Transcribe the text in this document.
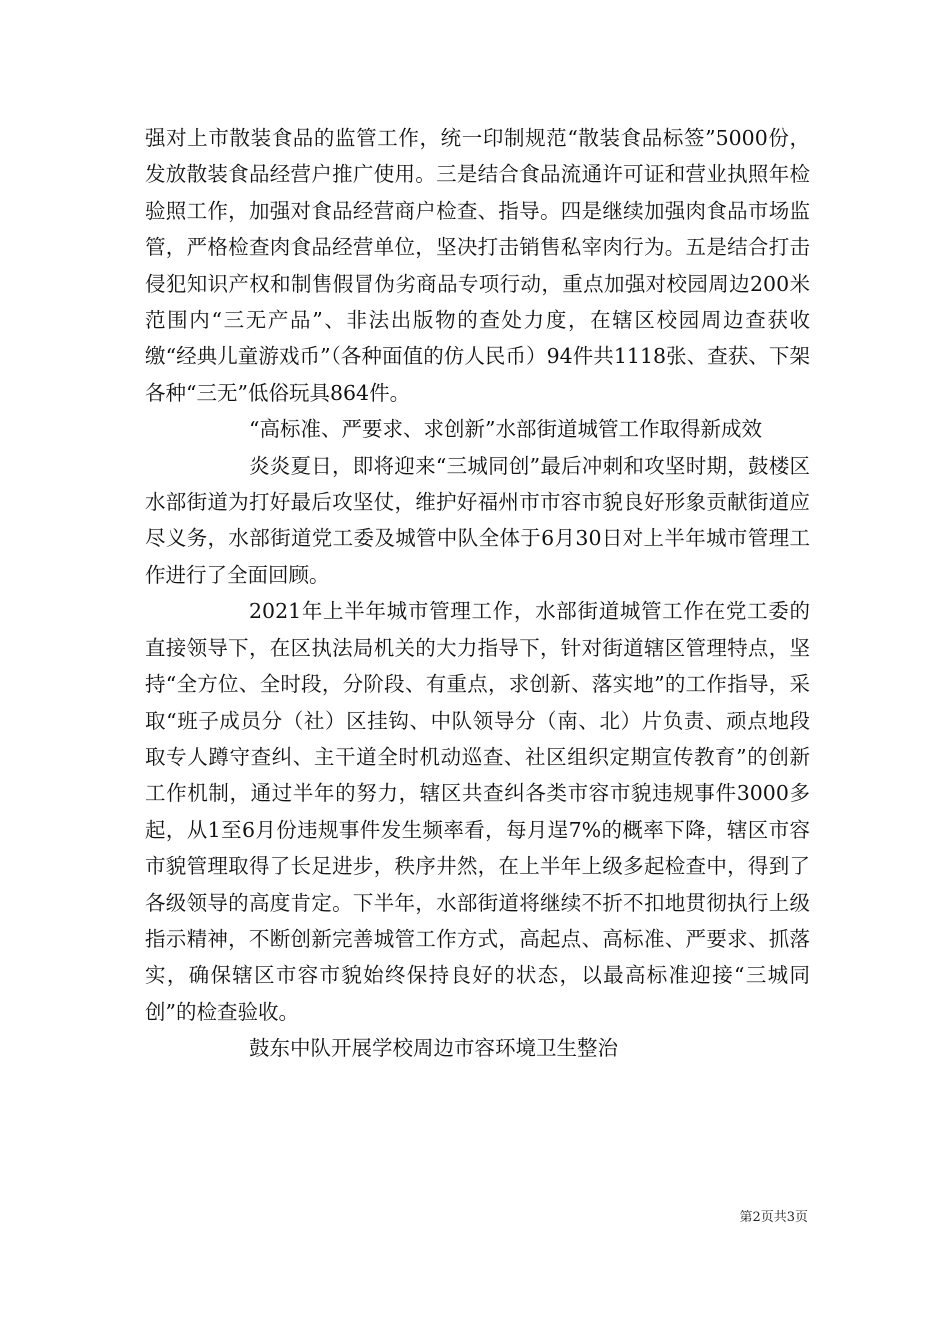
强对上市散装食品的监管工作，统一印制规范“散装食品标签”5000份，发放散装食品经营户推广使用。三是结合食品流通许可证和营业执照年检验照工作，加强对食品经营商户检查、指导。四是继续加强肉食品市场监管，严格检查肉食品经营单位，坚决打击销售私宰肉行为。五是结合打击侵犯知识产权和制售假冒伪劣商品专项行动，重点加强对校园周边200米范围内“三无产品”、非法出版物的查处力度，在辖区校园周边查获收缴“经典儿童游戏币”（各种面值的仿人民币）94件共1118张、查获、下架各种“三无”低俗玩具864件。

“高标准、严要求、求创新”水部街道城管工作取得新成效

炎炎夏日，即将迎来“三城同创”最后冲刺和攻坚时期，鼓楼区水部街道为打好最后攻坚仗，维护好福州市市容市貌良好形象贡献街道应尽义务，水部街道党工委及城管中队全体于6月30日对上半年城市管理工作进行了全面回顾。

2021年上半年城市管理工作，水部街道城管工作在党工委的直接领导下，在区执法局机关的大力指导下，针对街道辖区管理特点，坚持“全方位、全时段，分阶段、有重点，求创新、落实地”的工作指导，采取“班子成员分（社）区挂钩、中队领导分（南、北）片负责、顽点地段取专人蹲守查纠、主干道全时机动巡查、社区组织定期宣传教育”的创新工作机制，通过半年的努力，辖区共查纠各类市容市貌违规事件3000多起，从1至6月份违规事件发生频率看，每月逞7%的概率下降，辖区市容市貌管理取得了长足进步，秩序井然，在上半年上级多起检查中，得到了各级领导的高度肯定。下半年，水部街道将继续不折不扣地贯彻执行上级指示精神，不断创新完善城管工作方式，高起点、高标准、严要求、抓落实，确保辖区市容市貌始终保持良好的状态，以最高标准迎接“三城同创”的检查验收。

鼓东中队开展学校周边市容环境卫生整治

第2页共3页
